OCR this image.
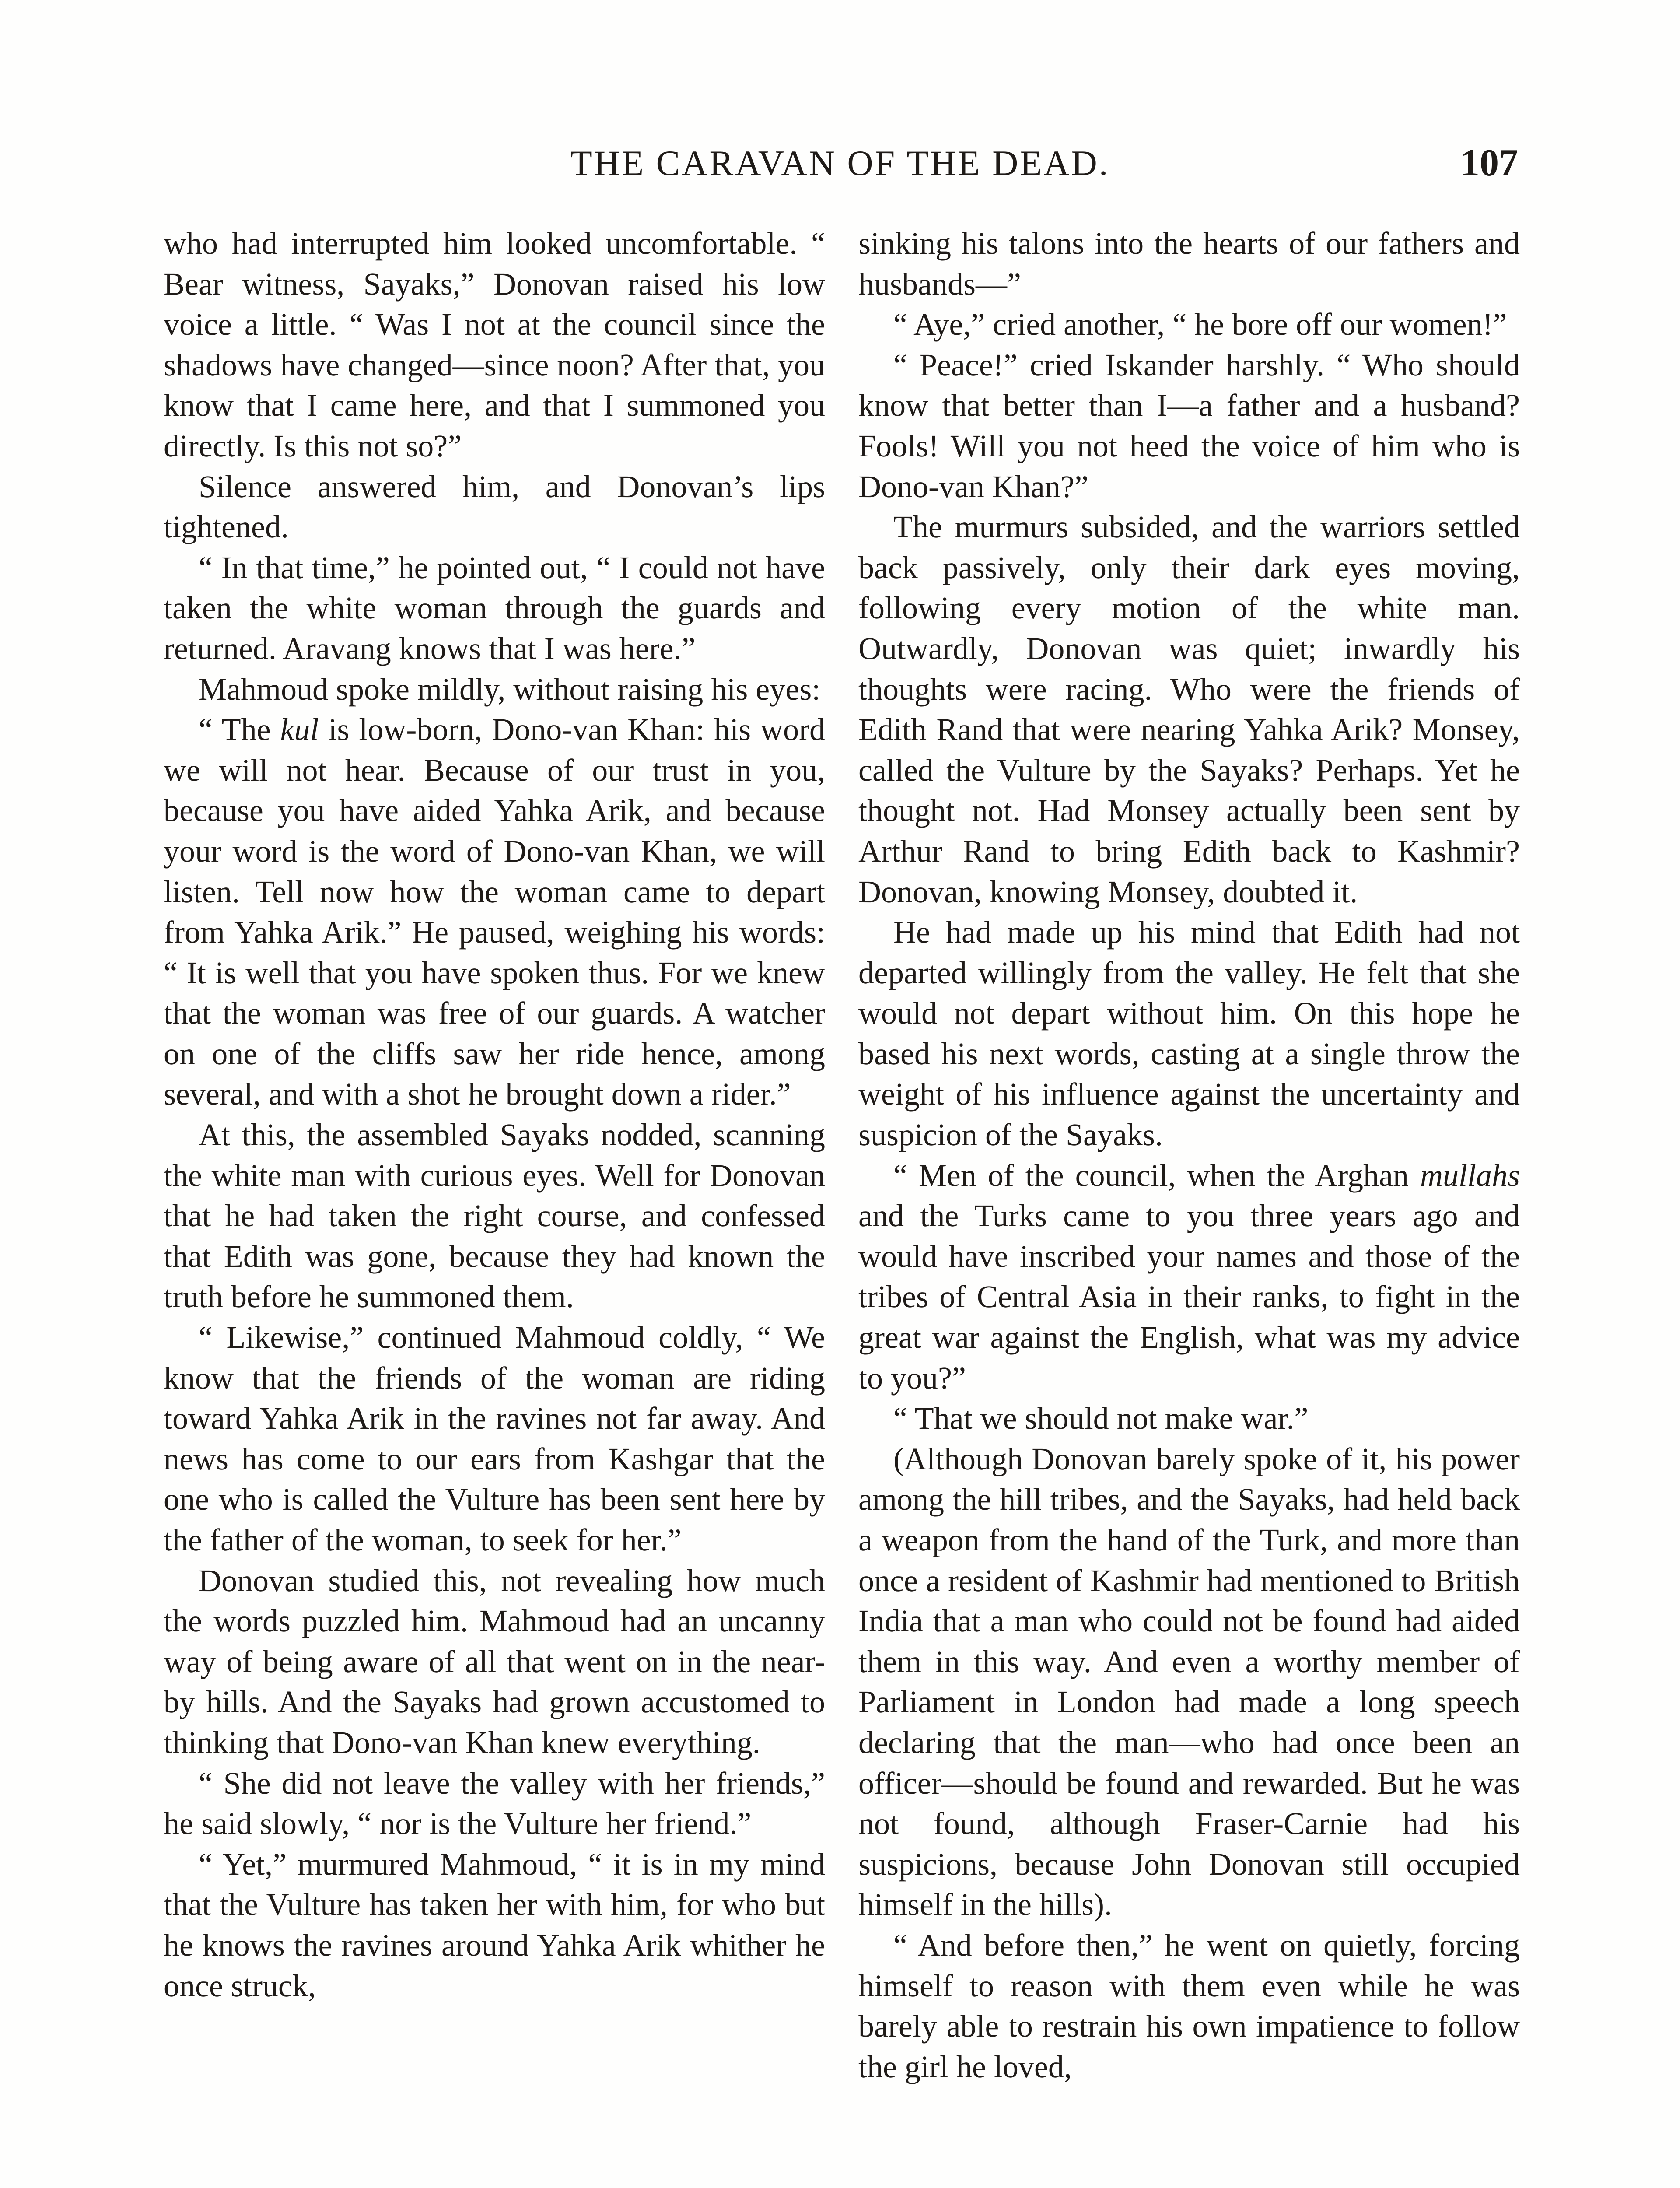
THE CARAVAN OF THE DEAD.	107

who had interrupted him looked uncomfortable. “ Bear witness, Sayaks,” Donovan raised his low voice a little. “ Was I not at the council since the shadows have changed—since noon? After that, you know that I came here, and that I summoned you directly. Is this not so?”

Silence answered him, and Donovan’s lips tightened.

“ In that time,” he pointed out, “ I could not have taken the white woman through the guards and returned. Aravang knows that I was here.”

Mahmoud spoke mildly, without raising his eyes:

“ The kul is low-born, Dono-van Khan: his word we will not hear. Because of our trust in you, because you have aided Yahka Arik, and because your word is the word of Dono-van Khan, we will listen. Tell now how the woman came to depart from Yahka Arik.” He paused, weighing his words: “ It is well that you have spoken thus. For we knew that the woman was free of our guards. A watcher on one of the cliffs saw her ride hence, among several, and with a shot he brought down a rider.”

At this, the assembled Sayaks nodded, scanning the white man with curious eyes. Well for Donovan that he had taken the right course, and confessed that Edith was gone, because they had known the truth before he summoned them.

“ Likewise,” continued Mahmoud coldly, “ We know that the friends of the woman are riding toward Yahka Arik in the ravines not far away. And news has come to our ears from Kashgar that the one who is called the Vulture has been sent here by the father of the woman, to seek for her.”

Donovan studied this, not revealing how much the words puzzled him. Mahmoud had an uncanny way of being aware of all that went on in the near-by hills. And the Sayaks had grown accustomed to thinking that Dono-van Khan knew everything.

“ She did not leave the valley with her friends,” he said slowly, “ nor is the Vulture her friend.”

“ Yet,” murmured Mahmoud, “ it is in my mind that the Vulture has taken her with him, for who but he knows the ravines around Yahka Arik whither he once struck,

sinking his talons into the hearts of our fathers and husbands—”

“ Aye,” cried another, “ he bore off our women!”

“ Peace!” cried Iskander harshly. “ Who should know that better than I—a father and a husband? Fools! Will you not heed the voice of him who is Dono-van Khan?”

The murmurs subsided, and the warriors settled back passively, only their dark eyes moving, following every motion of the white man. Outwardly, Donovan was quiet; inwardly his thoughts were racing. Who were the friends of Edith Rand that were nearing Yahka Arik? Monsey, called the Vulture by the Sayaks? Perhaps. Yet he thought not. Had Monsey actually been sent by Arthur Rand to bring Edith back to Kashmir? Donovan, knowing Monsey, doubted it.

He had made up his mind that Edith had not departed willingly from the valley. He felt that she would not depart without him. On this hope he based his next words, casting at a single throw the weight of his influence against the uncertainty and suspicion of the Sayaks.

“ Men of the council, when the Arghan mullahs and the Turks came to you three years ago and would have inscribed your names and those of the tribes of Central Asia in their ranks, to fight in the great war against the English, what was my advice to you?”

“ That we should not make war.”

(Although Donovan barely spoke of it, his power among the hill tribes, and the Sayaks, had held back a weapon from the hand of the Turk, and more than once a resident of Kashmir had mentioned to British India that a man who could not be found had aided them in this way. And even a worthy member of Parliament in London had made a long speech declaring that the man—who had once been an officer—should be found and rewarded. But he was not found, although Fraser-Carnie had his suspicions, because John Donovan still occupied himself in the hills).

“ And before then,” he went on quietly, forcing himself to reason with them even while he was barely able to restrain his own impatience to follow the girl he loved,
